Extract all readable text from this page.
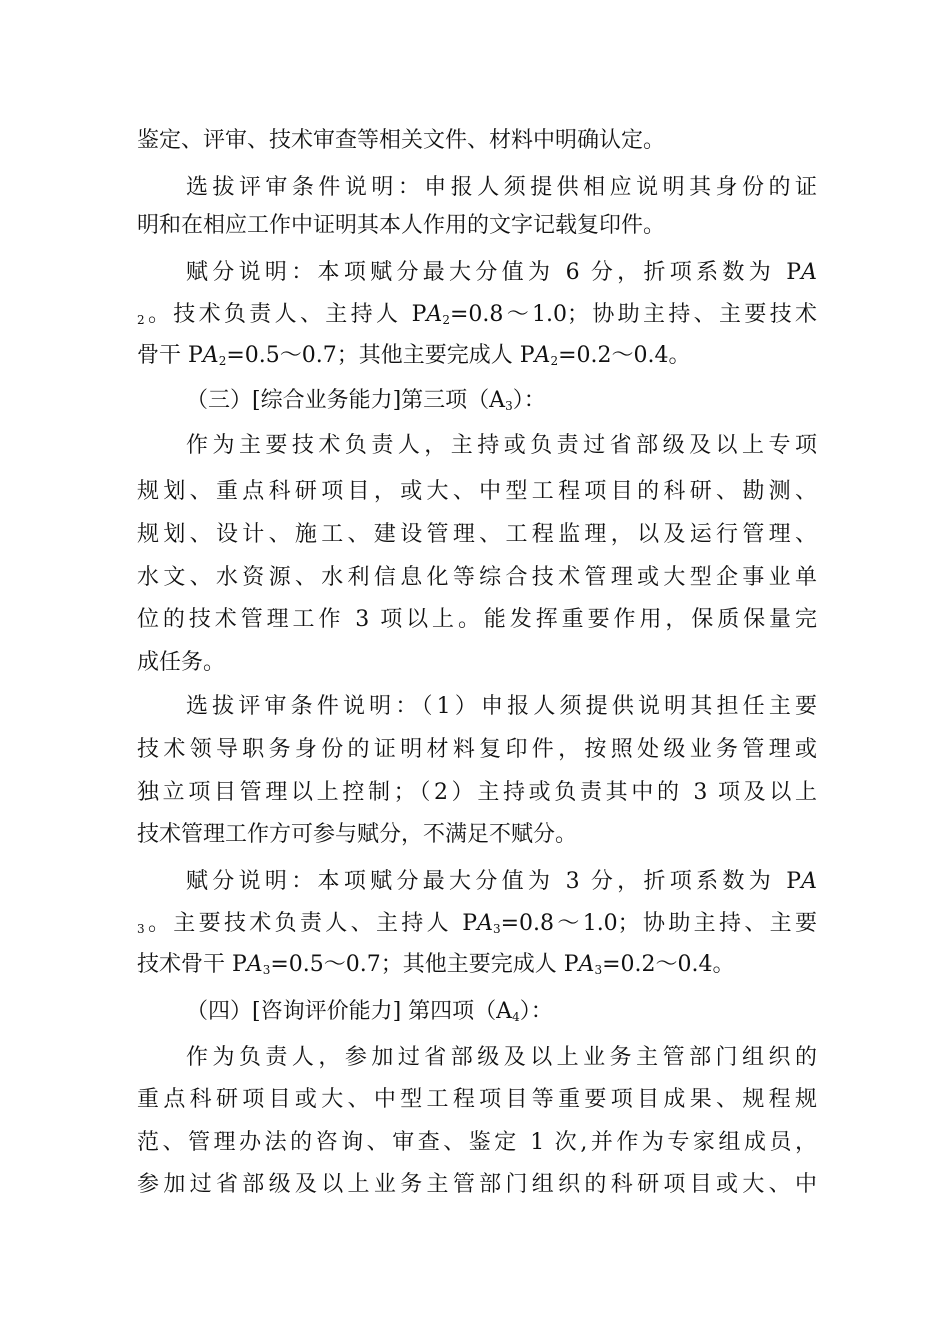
鉴定、评审、技术审查等相关文件、材料中明确认定。
选拔评审条件说明：申报人须提供相应说明其身份的证
明和在相应工作中证明其本人作用的文字记载复印件。
赋分说明：本项赋分最大分值为 6 分，折项系数为 PA
$_2$。技术负责人、主持人 $PA_2=0.8\sim 1.0$；协助主持、主要技术
骨干 $PA_2=0.5\sim 0.7$；其他主要完成人 $PA_2=0.2\sim 0.4$。
（三）[综合业务能力]第三项$(A_3)$：
作为主要技术负责人，主持或负责过省部级及以上专项
规划、重点科研项目，或大、中型工程项目的科研、勘测、
规划、设计、施工、建设管理、工程监理，以及运行管理、
水文、水资源、水利信息化等综合技术管理或大型企事业单
位的技术管理工作 3 项以上。能发挥重要作用，保质保量完
成任务。
选拔评审条件说明：（1）申报人须提供说明其担任主要
技术领导职务身份的证明材料复印件，按照处级业务管理或
独立项目管理以上控制；（2）主持或负责其中的 3 项及以上
技术管理工作方可参与赋分，不满足不赋分。
赋分说明：本项赋分最大分值为 3 分，折项系数为 PA
$_3$。主要技术负责人、主持人 $PA_3=0.8\sim 1.0$；协助主持、主要
技术骨干 $PA_3=0.5\sim 0.7$；其他主要完成人 $PA_3=0.2\sim 0.4$。
（四）[咨询评价能力] 第四项$(A_4)$：
作为负责人，参加过省部级及以上业务主管部门组织的
重点科研项目或大、中型工程项目等重要项目成果、规程规
范、管理办法的咨询、审查、鉴定 1 次,并作为专家组成员，
参加过省部级及以上业务主管部门组织的科研项目或大、中
